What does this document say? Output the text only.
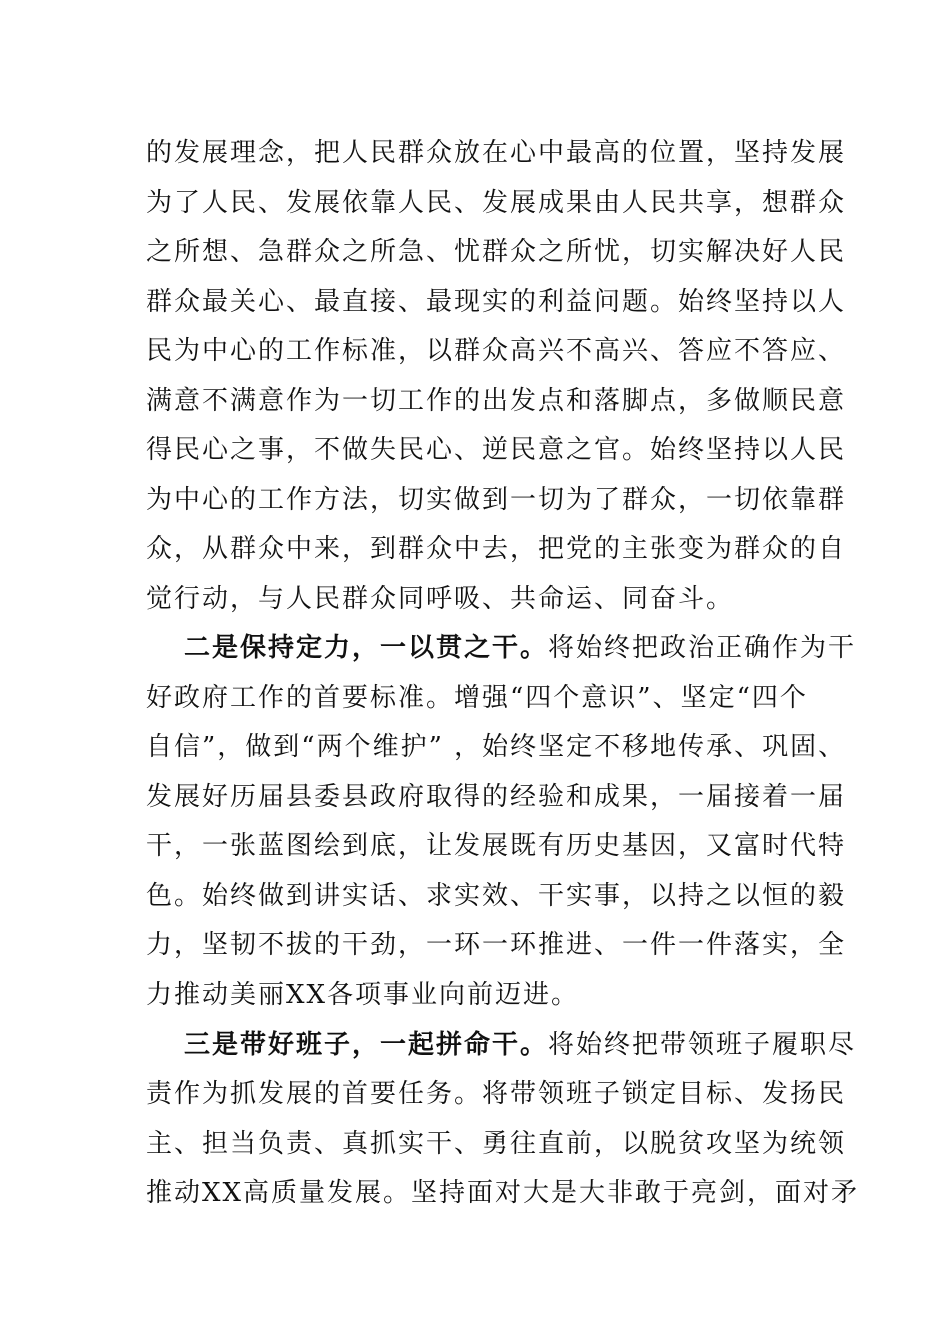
的发展理念，把人民群众放在心中最高的位置，坚持发展
为了人民、发展依靠人民、发展成果由人民共享，想群众
之所想、急群众之所急、忧群众之所忧，切实解决好人民
群众最关心、最直接、最现实的利益问题。始终坚持以人
民为中心的工作标准，以群众高兴不高兴、答应不答应、
满意不满意作为一切工作的出发点和落脚点，多做顺民意
得民心之事，不做失民心、逆民意之官。始终坚持以人民
为中心的工作方法，切实做到一切为了群众，一切依靠群
众，从群众中来，到群众中去，把党的主张变为群众的自
觉行动，与人民群众同呼吸、共命运、同奋斗。
二是保持定力，一以贯之干。将始终把政治正确作为干
好政府工作的首要标准。增强“四个意识”、坚定“四个
自信”，做到“两个维护” ，始终坚定不移地传承、巩固、
发展好历届县委县政府取得的经验和成果，一届接着一届
干，一张蓝图绘到底，让发展既有历史基因，又富时代特
色。始终做到讲实话、求实效、干实事，以持之以恒的毅
力，坚韧不拔的干劲，一环一环推进、一件一件落实，全
力推动美丽XX各项事业向前迈进。
三是带好班子，一起拼命干。将始终把带领班子履职尽
责作为抓发展的首要任务。将带领班子锁定目标、发扬民
主、担当负责、真抓实干、勇往直前，以脱贫攻坚为统领
推动XX高质量发展。坚持面对大是大非敢于亮剑，面对矛
